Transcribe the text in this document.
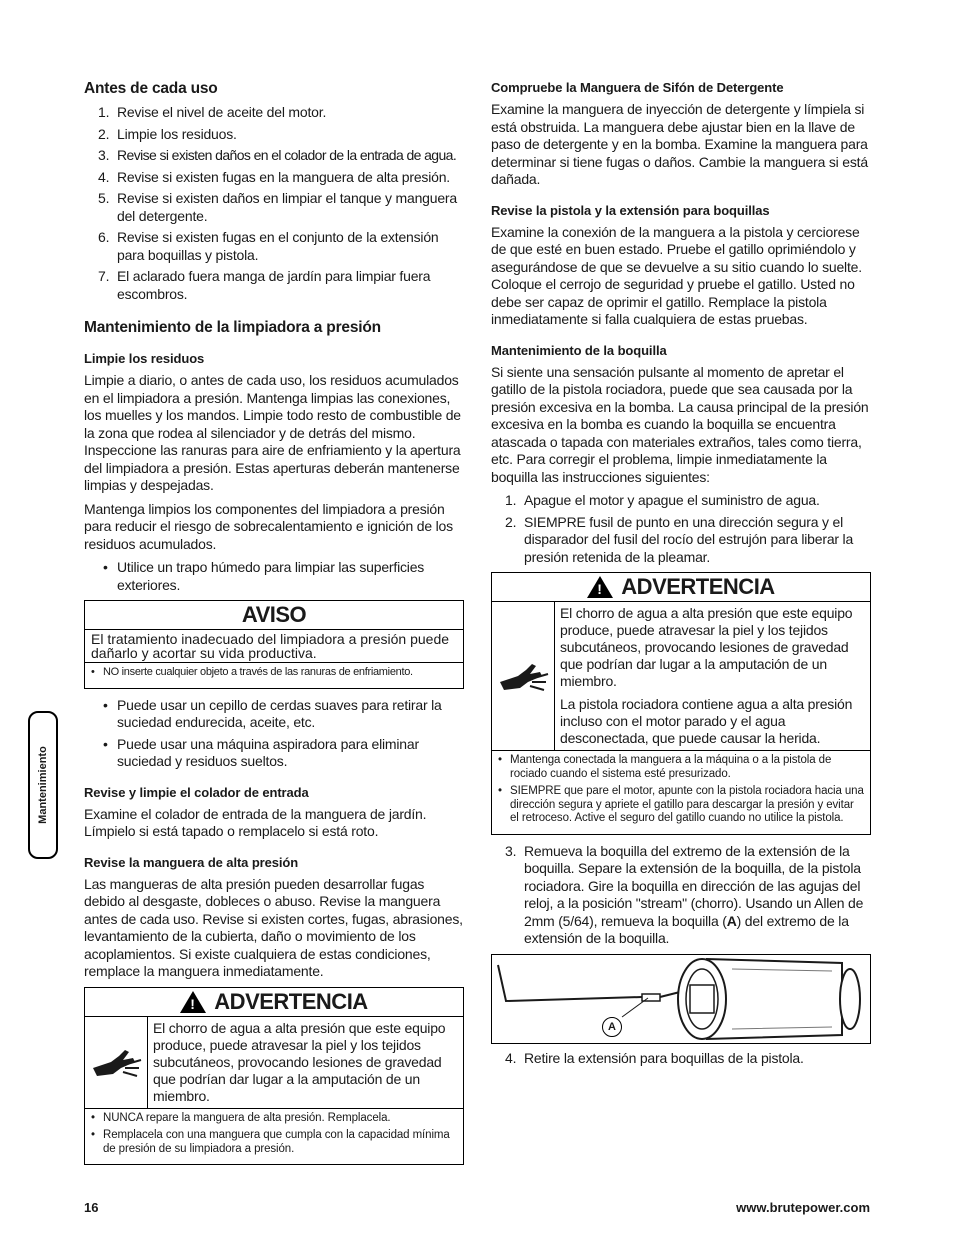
Antes de cada uso
1. Revise el nivel de aceite del motor.
2. Limpie los residuos.
3. Revise si existen daños en el colador de la entrada de agua.
4. Revise si existen fugas en la manguera de alta presión.
5. Revise si existen daños en limpiar el tanque y manguera del detergente.
6. Revise si existen fugas en el conjunto de la extensión para boquillas y pistola.
7. El aclarado fuera manga de jardín para limpiar fuera escombros.
Mantenimiento de la limpiadora a presión
Limpie los residuos

Limpie a diario, o antes de cada uso, los residuos acumulados en el limpiadora a presión. Mantenga limpias las conexiones, los muelles y los mandos. Limpie todo resto de combustible de la zona que rodea al silenciador y de detrás del mismo. Inspeccione las ranuras para aire de enfriamiento y la apertura del limpiadora a presión. Estas aperturas deberán mantenerse limpias y despejadas.

Mantenga limpios los componentes del limpiadora a presión para reducir el riesgo de sobrecalentamiento e ignición de los residuos acumulados.

• Utilice un trapo húmedo para limpiar las superficies exteriores.
AVISO
El tratamiento inadecuado del limpiadora a presión puede dañarlo y acortar su vida productiva.
• NO inserte cualquier objeto a través de las ranuras de enfriamiento.
• Puede usar un cepillo de cerdas suaves para retirar la suciedad endurecida, aceite, etc.
• Puede usar una máquina aspiradora para eliminar suciedad y residuos sueltos.
Revise y limpie el colador de entrada

Examine el colador de entrada de la manguera de jardín. Límpielo si está tapado o remplacelo si está roto.

Revise la manguera de alta presión

Las mangueras de alta presión pueden desarrollar fugas debido al desgaste, dobleces o abuso. Revise la manguera antes de cada uso. Revise si existen cortes, fugas, abrasiones, levantamiento de la cubierta, daño o movimiento de los acoplamientos. Si existe cualquiera de estas condiciones, remplace la manguera inmediatamente.

! ADVERTENCIA

El chorro de agua a alta presión que este equipo produce, puede atravesar la piel y los tejidos subcutáneos, provocando lesiones de gravedad que podrían dar lugar a la amputación de un miembro.

• NUNCA repare la manguera de alta presión. Remplacela.
• Remplacela con una manguera que cumpla con la capacidad mínima de presión de su limpiadora a presión.
Compruebe la Manguera de Sifón de Detergente

Examine la manguera de inyección de detergente y límpiela si está obstruida. La manguera debe ajustar bien en la llave de paso de detergente y en la bomba. Examine la manguera para determinar si tiene fugas o daños. Cambie la manguera si está dañada.

Revise la pistola y la extensión para boquillas

Examine la conexión de la manguera a la pistola y cerciorese de que esté en buen estado. Pruebe el gatillo oprimiéndolo y asegurándose de que se devuelve a su sitio cuando lo suelte. Coloque el cerrojo de seguridad y pruebe el gatillo. Usted no debe ser capaz de oprimir el gatillo. Remplace la pistola inmediatamente si falla cualquiera de estas pruebas.

Mantenimiento de la boquilla

Si siente una sensación pulsante al momento de apretar el gatillo de la pistola rociadora, puede que sea causada por la presión excesiva en la bomba. La causa principal de la presión excesiva en la bomba es cuando la boquilla se encuentra atascada o tapada con materiales extraños, tales como tierra, etc. Para corregir el problema, limpie inmediatamente la boquilla las instrucciones siguientes:

1. Apague el motor y apague el suministro de agua.
2. SIEMPRE fusil de punto en una dirección segura y el disparador del fusil del rocío del estrujón para liberar la presión retenida de la pleamar.
! ADVERTENCIA

El chorro de agua a alta presión que este equipo produce, puede atravesar la piel y los tejidos subcutáneos, provocando lesiones de gravedad que podrían dar lugar a la amputación de un miembro.

La pistola rociadora contiene agua a alta presión incluso con el motor parado y el agua desconectada, que puede causar la herida.

• Mantenga conectada la manguera a la máquina o a la pistola de rociado cuando el sistema esté presurizado.
• SIEMPRE que pare el motor, apunte con la pistola rociadora hacia una dirección segura y apriete el gatillo para descargar la presión y evitar el retroceso. Active el seguro del gatillo cuando no utilice la pistola.
3. Remueva la boquilla del extremo de la extensión de la boquilla. Separe la extensión de la boquilla, de la pistola rociadora. Gire la boquilla en dirección de las agujas del reloj, a la posición "stream" (chorro). Usando un Allen de 2mm (5/64), remueva la boquilla (A) del extremo de la extensión de la boquilla.
A
4. Retire la extensión para boquillas de la pistola.
Mantenimiento
16	www.brutepower.com
